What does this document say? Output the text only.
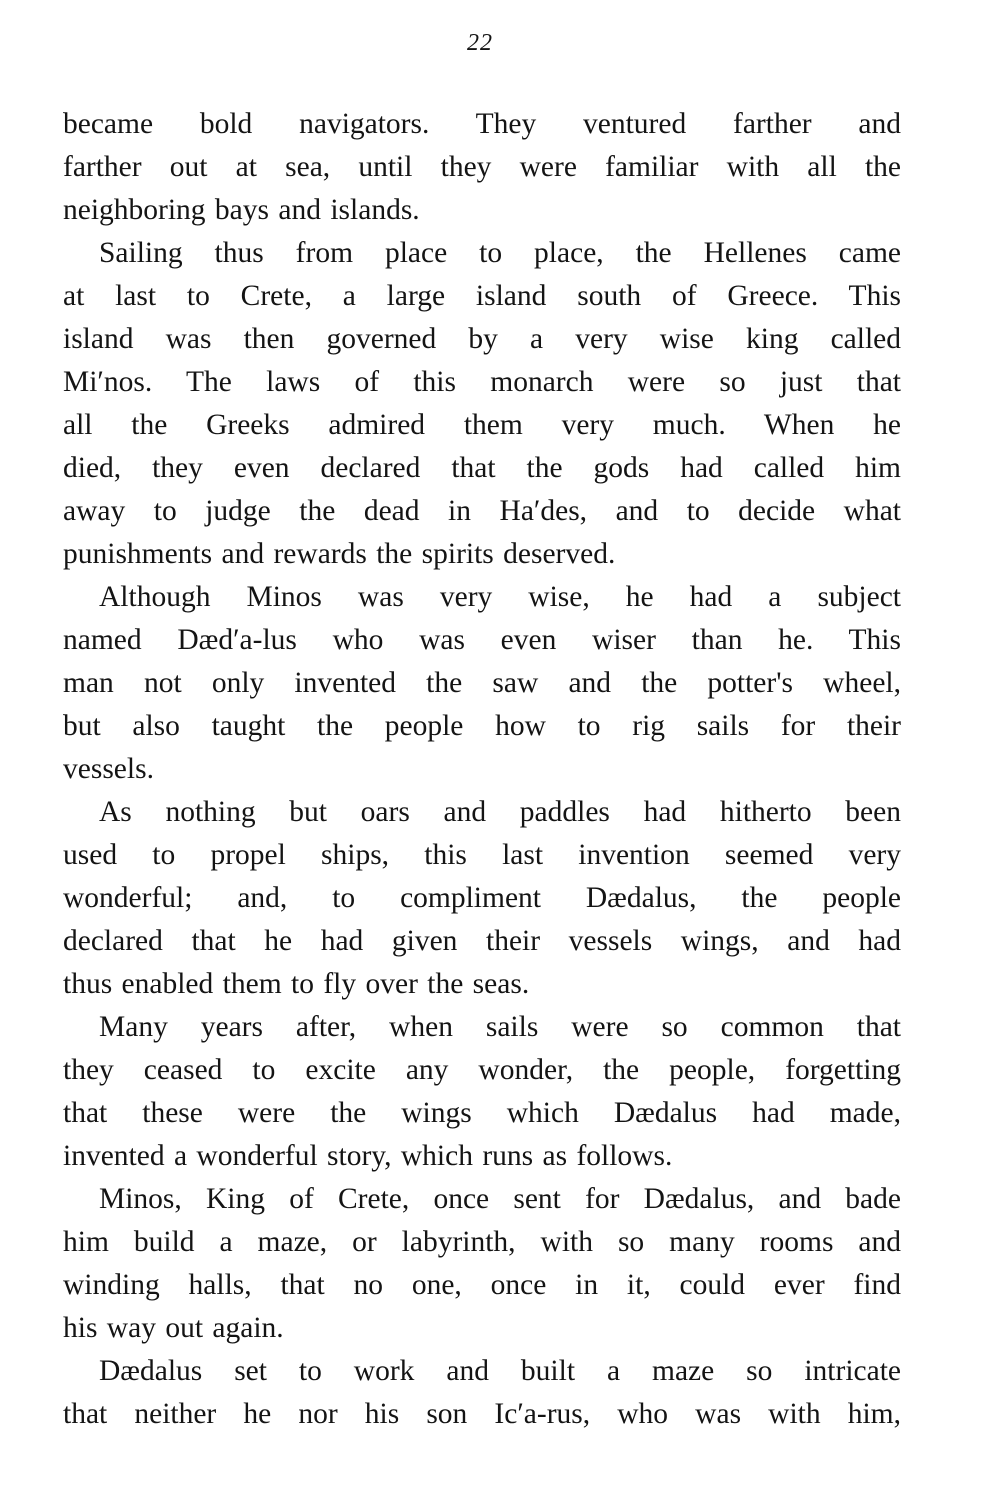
22
became bold navigators. They ventured farther and
farther out at sea, until they were familiar with all the
neighboring bays and islands.
Sailing thus from place to place, the Hellenes came
at last to Crete, a large island south of Greece. This
island was then governed by a very wise king called
Mi′nos. The laws of this monarch were so just that
all the Greeks admired them very much. When he
died, they even declared that the gods had called him
away to judge the dead in Ha′des, and to decide what
punishments and rewards the spirits deserved.
Although Minos was very wise, he had a subject
named Dæd′a-lus who was even wiser than he. This
man not only invented the saw and the potter's wheel,
but also taught the people how to rig sails for their
vessels.
As nothing but oars and paddles had hitherto been
used to propel ships, this last invention seemed very
wonderful; and, to compliment Dædalus, the people
declared that he had given their vessels wings, and had
thus enabled them to fly over the seas.
Many years after, when sails were so common that
they ceased to excite any wonder, the people, forgetting
that these were the wings which Dædalus had made,
invented a wonderful story, which runs as follows.
Minos, King of Crete, once sent for Dædalus, and bade
him build a maze, or labyrinth, with so many rooms and
winding halls, that no one, once in it, could ever find
his way out again.
Dædalus set to work and built a maze so intricate
that neither he nor his son Ic′a-rus, who was with him,
